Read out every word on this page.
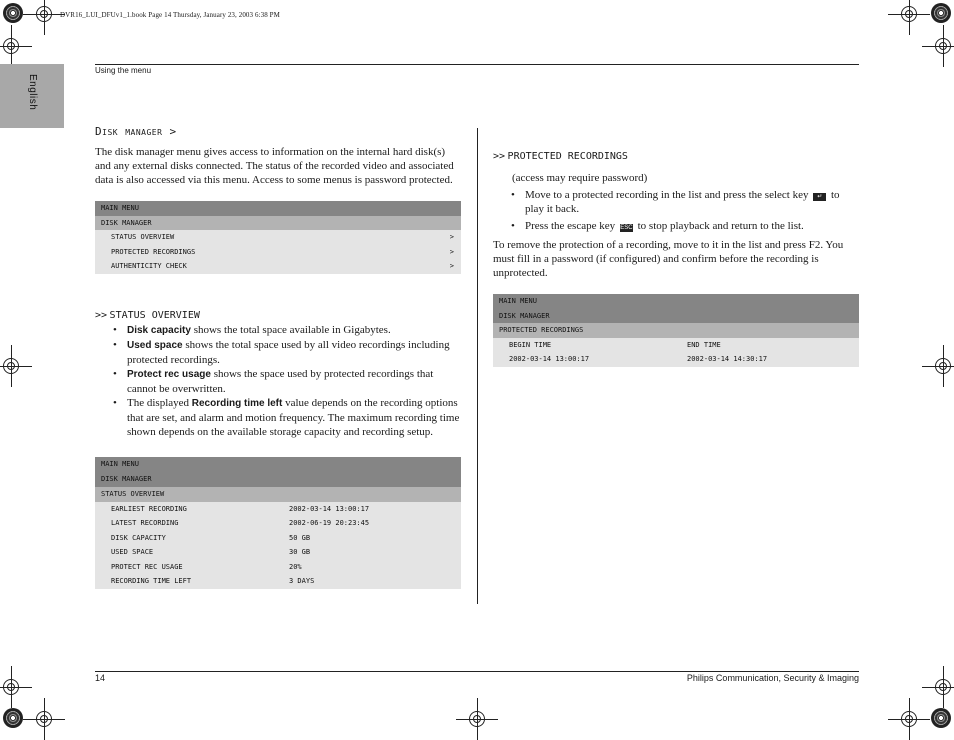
DVR16_LUI_DFUv1_1.book Page 14 Thursday, January 23, 2003 6:38 PM
English
Using the menu
Disk manager >
The disk manager menu gives access to information on the internal hard disk(s) and any external disks connected. The status of the recorded video and associated data is also accessed via this menu. Access to some menus is password protected.
MAIN MENU
DISK MANAGER
STATUS OVERVIEW	>
PROTECTED RECORDINGS	>
AUTHENTICITY CHECK	>
>> STATUS OVERVIEW
• Disk capacity shows the total space available in Gigabytes.
• Used space shows the total space used by all video recordings including protected recordings.
• Protect rec usage shows the space used by protected recordings that cannot be overwritten.
• The displayed Recording time left value depends on the recording options that are set, and alarm and motion frequency. The maximum recording time shown depends on the available storage capacity and recording setup.
MAIN MENU
DISK MANAGER
STATUS OVERVIEW
EARLIEST RECORDING	2002-03-14 13:00:17
LATEST RECORDING	2002-06-19 20:23:45
DISK CAPACITY	50 GB
USED SPACE	30 GB
PROTECT REC USAGE	20%
RECORDING TIME LEFT	3 DAYS
>> PROTECTED RECORDINGS
(access may require password)
• Move to a protected recording in the list and press the select key ↵ to play it back.
• Press the escape key ESC to stop playback and return to the list.
To remove the protection of a recording, move to it in the list and press F2. You must fill in a password (if configured) and confirm before the recording is unprotected.
MAIN MENU
DISK MANAGER
PROTECTED RECORDINGS
BEGIN TIME	END TIME
2002-03-14 13:00:17	2002-03-14 14:30:17
14	Philips Communication, Security & Imaging
